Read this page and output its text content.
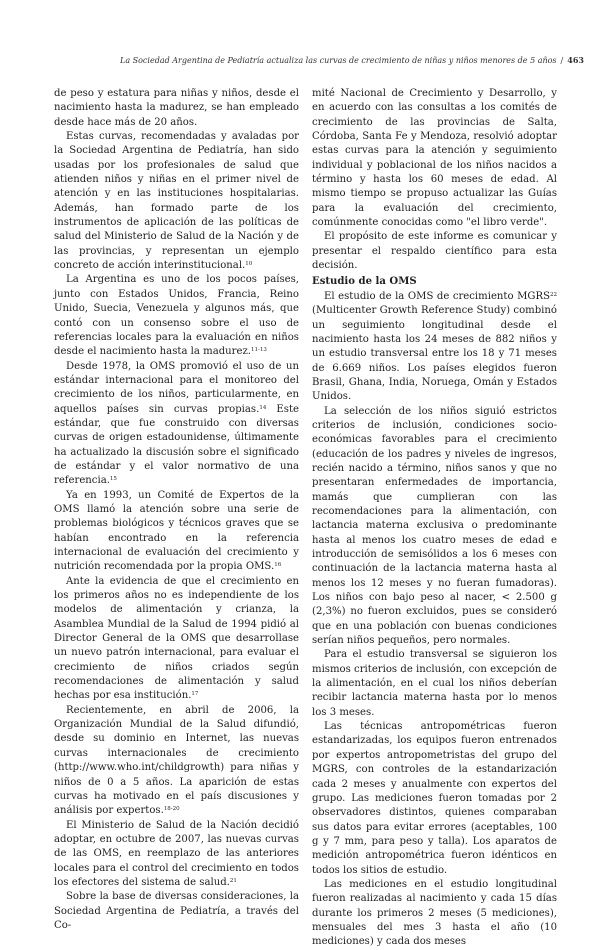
La Sociedad Argentina de Pediatría actualiza las curvas de crecimiento de niñas y niños menores de 5 años / 463

de peso y estatura para niñas y niños, desde el nacimiento hasta la madurez, se han empleado desde hace más de 20 años.

Estas curvas, recomendadas y avaladas por la Sociedad Argentina de Pediatría, han sido usadas por los profesionales de salud que atienden niños y niñas en el primer nivel de atención y en las instituciones hospitalarias. Además, han formado parte de los instrumentos de aplicación de las políticas de salud del Ministerio de Salud de la Nación y de las provincias, y representan un ejemplo concreto de acción interinstitucional.$^{10}$

La Argentina es uno de los pocos países, junto con Estados Unidos, Francia, Reino Unido, Suecia, Venezuela y algunos más, que contó con un consenso sobre el uso de referencias locales para la evaluación en niños desde el nacimiento hasta la madurez.$^{11-13}$

Desde 1978, la OMS promovió el uso de un estándar internacional para el monitoreo del crecimiento de los niños, particularmente, en aquellos países sin curvas propias.$^{14}$ Este estándar, que fue construido con diversas curvas de origen estadounidense, últimamente ha actualizado la discusión sobre el significado de estándar y el valor normativo de una referencia.$^{15}$

Ya en 1993, un Comité de Expertos de la OMS llamó la atención sobre una serie de problemas biológicos y técnicos graves que se habían encontrado en la referencia internacional de evaluación del crecimiento y nutrición recomendada por la propia OMS.$^{16}$

Ante la evidencia de que el crecimiento en los primeros años no es independiente de los modelos de alimentación y crianza, la Asamblea Mundial de la Salud de 1994 pidió al Director General de la OMS que desarrollase un nuevo patrón internacional, para evaluar el crecimiento de niños criados según recomendaciones de alimentación y salud hechas por esa institución.$^{17}$

Recientemente, en abril de 2006, la Organización Mundial de la Salud difundió, desde su dominio en Internet, las nuevas curvas internacionales de crecimiento (http://www.who.int/childgrowth) para niñas y niños de 0 a 5 años. La aparición de estas curvas ha motivado en el país discusiones y análisis por expertos.$^{18-20}$

El Ministerio de Salud de la Nación decidió adoptar, en octubre de 2007, las nuevas curvas de las OMS, en reemplazo de las anteriores locales para el control del crecimiento en todos los efectores del sistema de salud.$^{21}$

Sobre la base de diversas consideraciones, la Sociedad Argentina de Pediatría, a través del Co-

mité Nacional de Crecimiento y Desarrollo, y en acuerdo con las consultas a los comités de crecimiento de las provincias de Salta, Córdoba, Santa Fe y Mendoza, resolvió adoptar estas curvas para la atención y seguimiento individual y poblacional de los niños nacidos a término y hasta los 60 meses de edad. Al mismo tiempo se propuso actualizar las Guías para la evaluación del crecimiento, comúnmente conocidas como "el libro verde".

El propósito de este informe es comunicar y presentar el respaldo científico para esta decisión.

Estudio de la OMS

El estudio de la OMS de crecimiento MGRS$^{22}$ (Multicenter Growth Reference Study) combinó un seguimiento longitudinal desde el nacimiento hasta los 24 meses de 882 niños y un estudio transversal entre los 18 y 71 meses de 6.669 niños. Los países elegidos fueron Brasil, Ghana, India, Noruega, Omán y Estados Unidos.

La selección de los niños siguió estrictos criterios de inclusión, condiciones socio-económicas favorables para el crecimiento (educación de los padres y niveles de ingresos, recién nacido a término, niños sanos y que no presentaran enfermedades de importancia, mamás que cumplieran con las recomendaciones para la alimentación, con lactancia materna exclusiva o predominante hasta al menos los cuatro meses de edad e introducción de semisólidos a los 6 meses con continuación de la lactancia materna hasta al menos los 12 meses y no fueran fumadoras). Los niños con bajo peso al nacer, < 2.500 g (2,3%) no fueron excluidos, pues se consideró que en una población con buenas condiciones serían niños pequeños, pero normales.

Para el estudio transversal se siguieron los mismos criterios de inclusión, con excepción de la alimentación, en el cual los niños deberían recibir lactancia materna hasta por lo menos los 3 meses.

Las técnicas antropométricas fueron estandarizadas, los equipos fueron entrenados por expertos antropometristas del grupo del MGRS, con controles de la estandarización cada 2 meses y anualmente con expertos del grupo. Las mediciones fueron tomadas por 2 observadores distintos, quienes comparaban sus datos para evitar errores (aceptables, 100 g y 7 mm, para peso y talla). Los aparatos de medición antropométrica fueron idénticos en todos los sitios de estudio.

Las mediciones en el estudio longitudinal fueron realizadas al nacimiento y cada 15 días durante los primeros 2 meses (5 mediciones), mensuales del mes 3 hasta el año (10 mediciones) y cada dos meses
